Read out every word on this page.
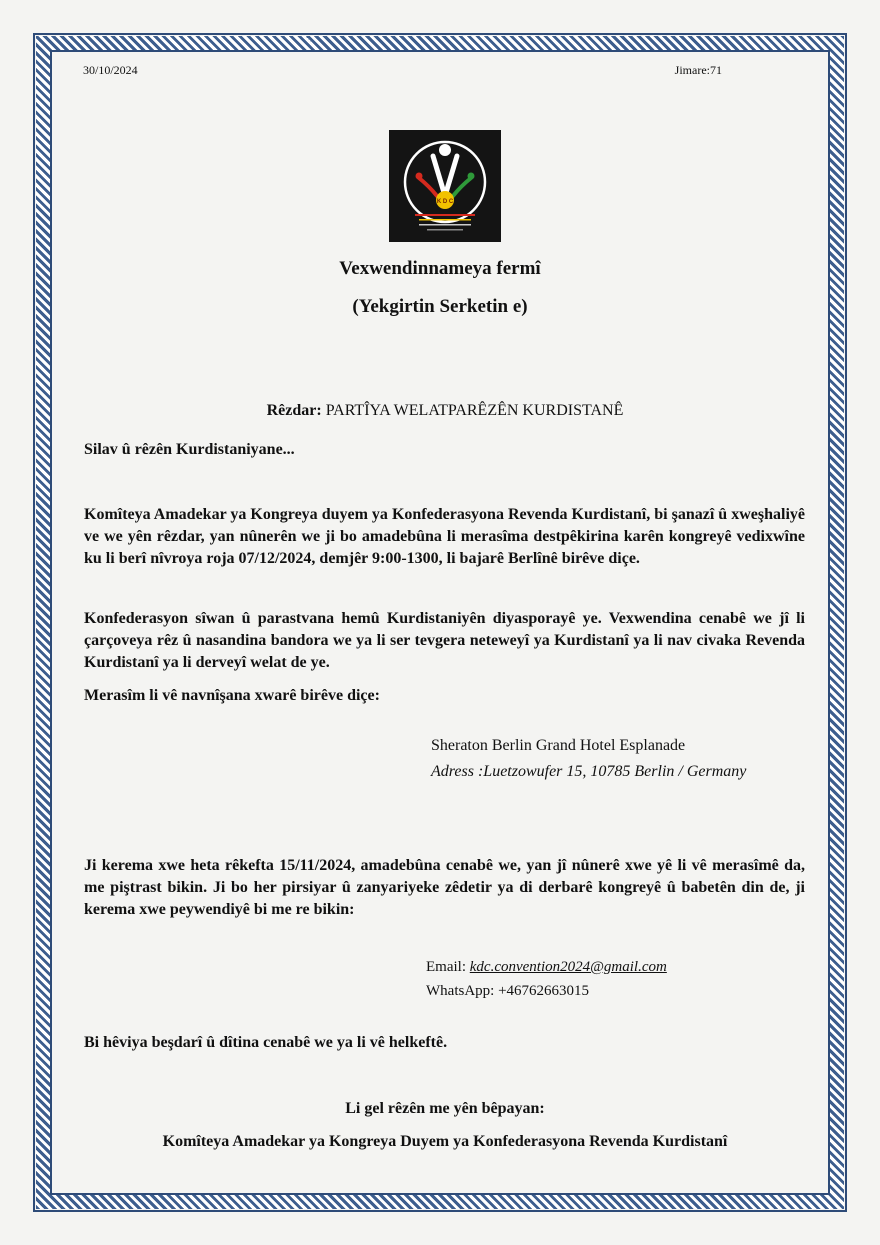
30/10/2024	Jimare:71
K D C
Vexwendinnameya fermî
(Yekgirtin Serketin e)
Rêzdar: PARTÎYA WELATPARÊZÊN KURDISTANÊ
Silav û rêzên Kurdistaniyane...

Komîteya Amadekar ya Kongreya duyem ya Konfederasyona Revenda Kurdistanî, bi şanazî û xweşhaliyê ve we yên rêzdar, yan nûnerên we ji bo amadebûna li merasîma destpêkirina karên kongreyê vedixwîne ku li berî nîvroya roja 07/12/2024, demjêr 9:00-1300, li bajarê Berlînê birêve diçe.

Konfederasyon sîwan û parastvana hemû Kurdistaniyên diyasporayê ye. Vexwendina cenabê we jî li çarçoveya rêz û nasandina bandora we ya li ser tevgera neteweyî ya Kurdistanî ya li nav civaka Revenda Kurdistanî ya li derveyî welat de ye.

Merasîm li vê navnîşana xwarê birêve diçe:

Sheraton Berlin Grand Hotel Esplanade
Adress :Luetzowufer 15, 10785 Berlin / Germany

Ji kerema xwe heta rêkefta 15/11/2024, amadebûna cenabê we, yan jî nûnerê xwe yê li vê merasîmê da, me piştrast bikin. Ji bo her pirsiyar û zanyariyeke zêdetir ya di derbarê kongreyê û babetên din de, ji kerema xwe peywendiyê bi me re bikin:

Email: kdc.convention2024@gmail.com
WhatsApp: +46762663015

Bi hêviya beşdarî û dîtina cenabê we ya li vê helkeftê.

Li gel rêzên me yên bêpayan:
Komîteya Amadekar ya Kongreya Duyem ya Konfederasyona Revenda Kurdistanî
